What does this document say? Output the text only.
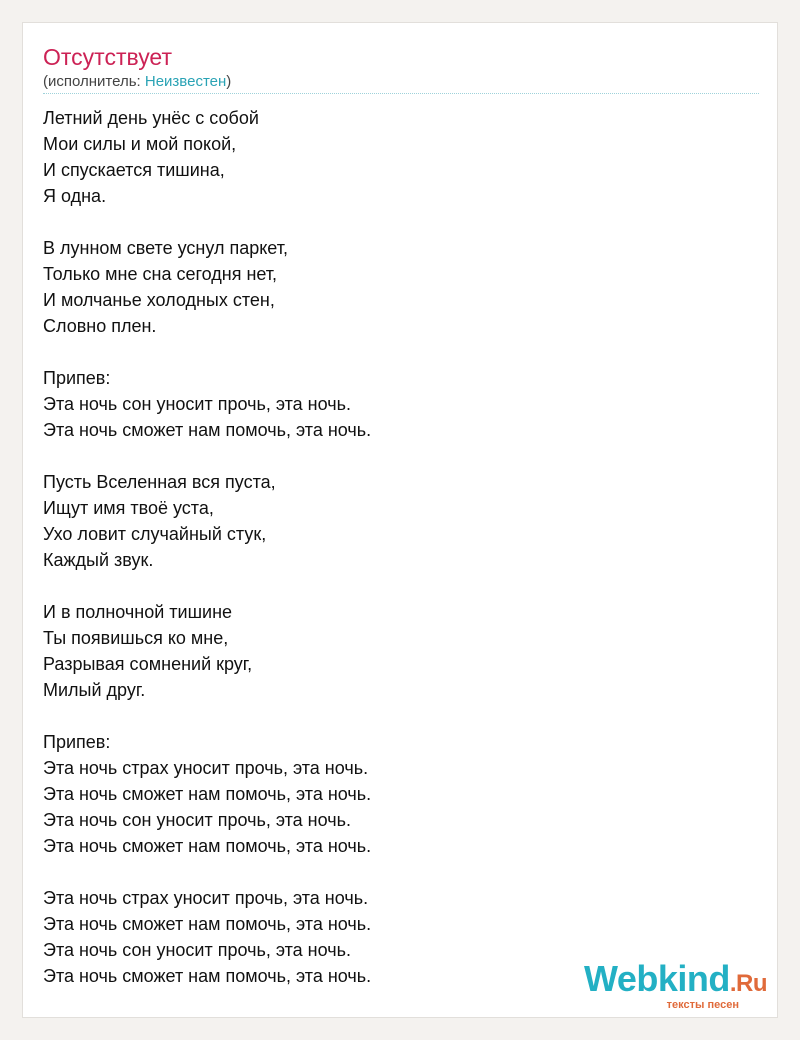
Отсутствует
(исполнитель: Неизвестен)
Летний день унёс с собой
Мои силы и мой покой,
И спускается тишина,
Я одна.
В лунном свете уснул паркет,
Только мне сна сегодня нет,
И молчанье холодных стен,
Словно плен.
Припев:
Эта ночь сон уносит прочь, эта ночь.
Эта ночь сможет нам помочь, эта ночь.
Пусть Вселенная вся пуста,
Ищут имя твоё уста,
Ухо ловит случайный стук,
Каждый звук.
И в полночной тишине
Ты появишься ко мне,
Разрывая сомнений круг,
Милый друг.
Припев:
Эта ночь страх уносит прочь, эта ночь.
Эта ночь сможет нам помочь, эта ночь.
Эта ночь сон уносит прочь, эта ночь.
Эта ночь сможет нам помочь, эта ночь.
Эта ночь страх уносит прочь, эта ночь.
Эта ночь сможет нам помочь, эта ночь.
Эта ночь сон уносит прочь, эта ночь.
Эта ночь сможет нам помочь, эта ночь.	Webkind.Ru
тексты песен
